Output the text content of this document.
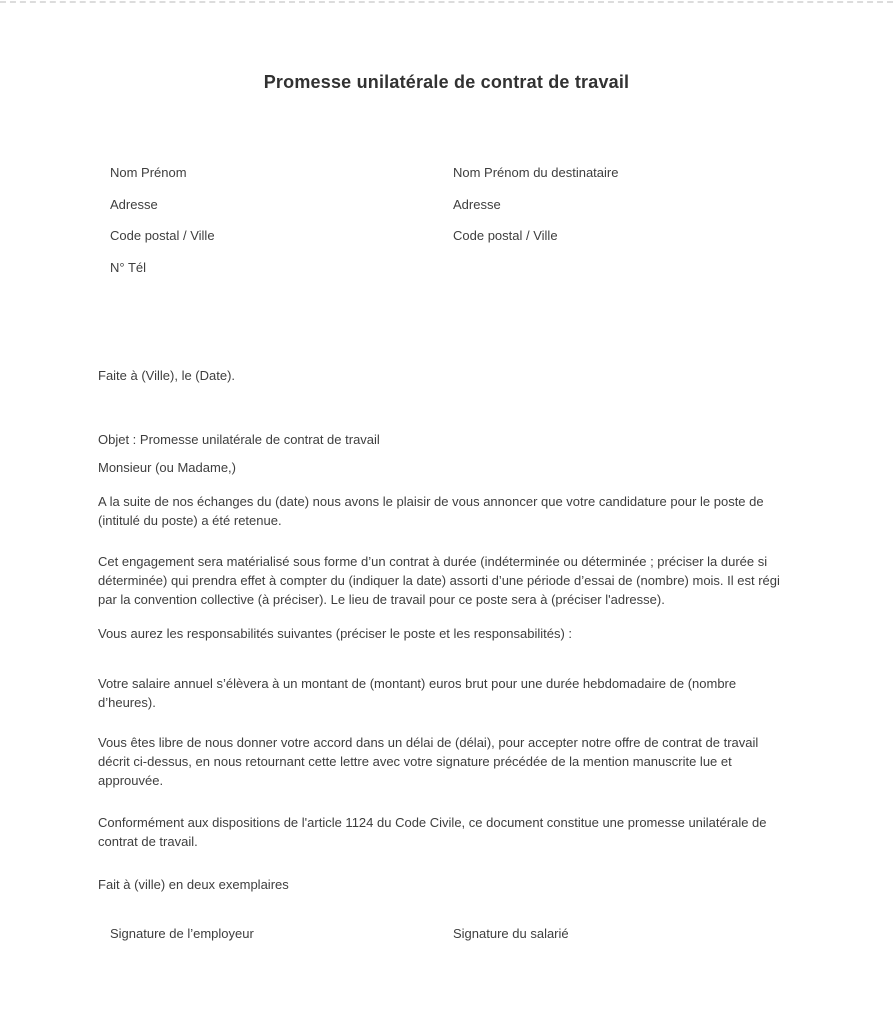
Promesse unilatérale de contrat de travail

Nom Prénom

Adresse

Code postal / Ville

N° Tél

Nom Prénom du destinataire

Adresse

Code postal / Ville

Faite à (Ville), le (Date).

Objet : Promesse unilatérale de contrat de travail

Monsieur (ou Madame,)

A la suite de nos échanges du (date) nous avons le plaisir de vous annoncer que votre candidature pour le poste de (intitulé du poste) a été retenue.

Cet engagement sera matérialisé sous forme d’un contrat à durée (indéterminée ou déterminée ; préciser la durée si déterminée) qui prendra effet à compter du (indiquer la date) assorti d’une période d’essai de (nombre) mois. Il est régi par la convention collective (à préciser). Le lieu de travail pour ce poste sera à (préciser l'adresse).

Vous aurez les responsabilités suivantes (préciser le poste et les responsabilités) :

Votre salaire annuel s’élèvera à un montant de (montant) euros brut pour une durée hebdomadaire de (nombre d’heures).

Vous êtes libre de nous donner votre accord dans un délai de (délai), pour accepter notre offre de contrat de travail décrit ci-dessus, en nous retournant cette lettre avec votre signature précédée de la mention manuscrite lue et approuvée.

Conformément aux dispositions de l'article 1124 du Code Civile, ce document constitue une promesse unilatérale de contrat de travail.

Fait à (ville) en deux exemplaires

Signature de l’employeur	Signature du salarié
